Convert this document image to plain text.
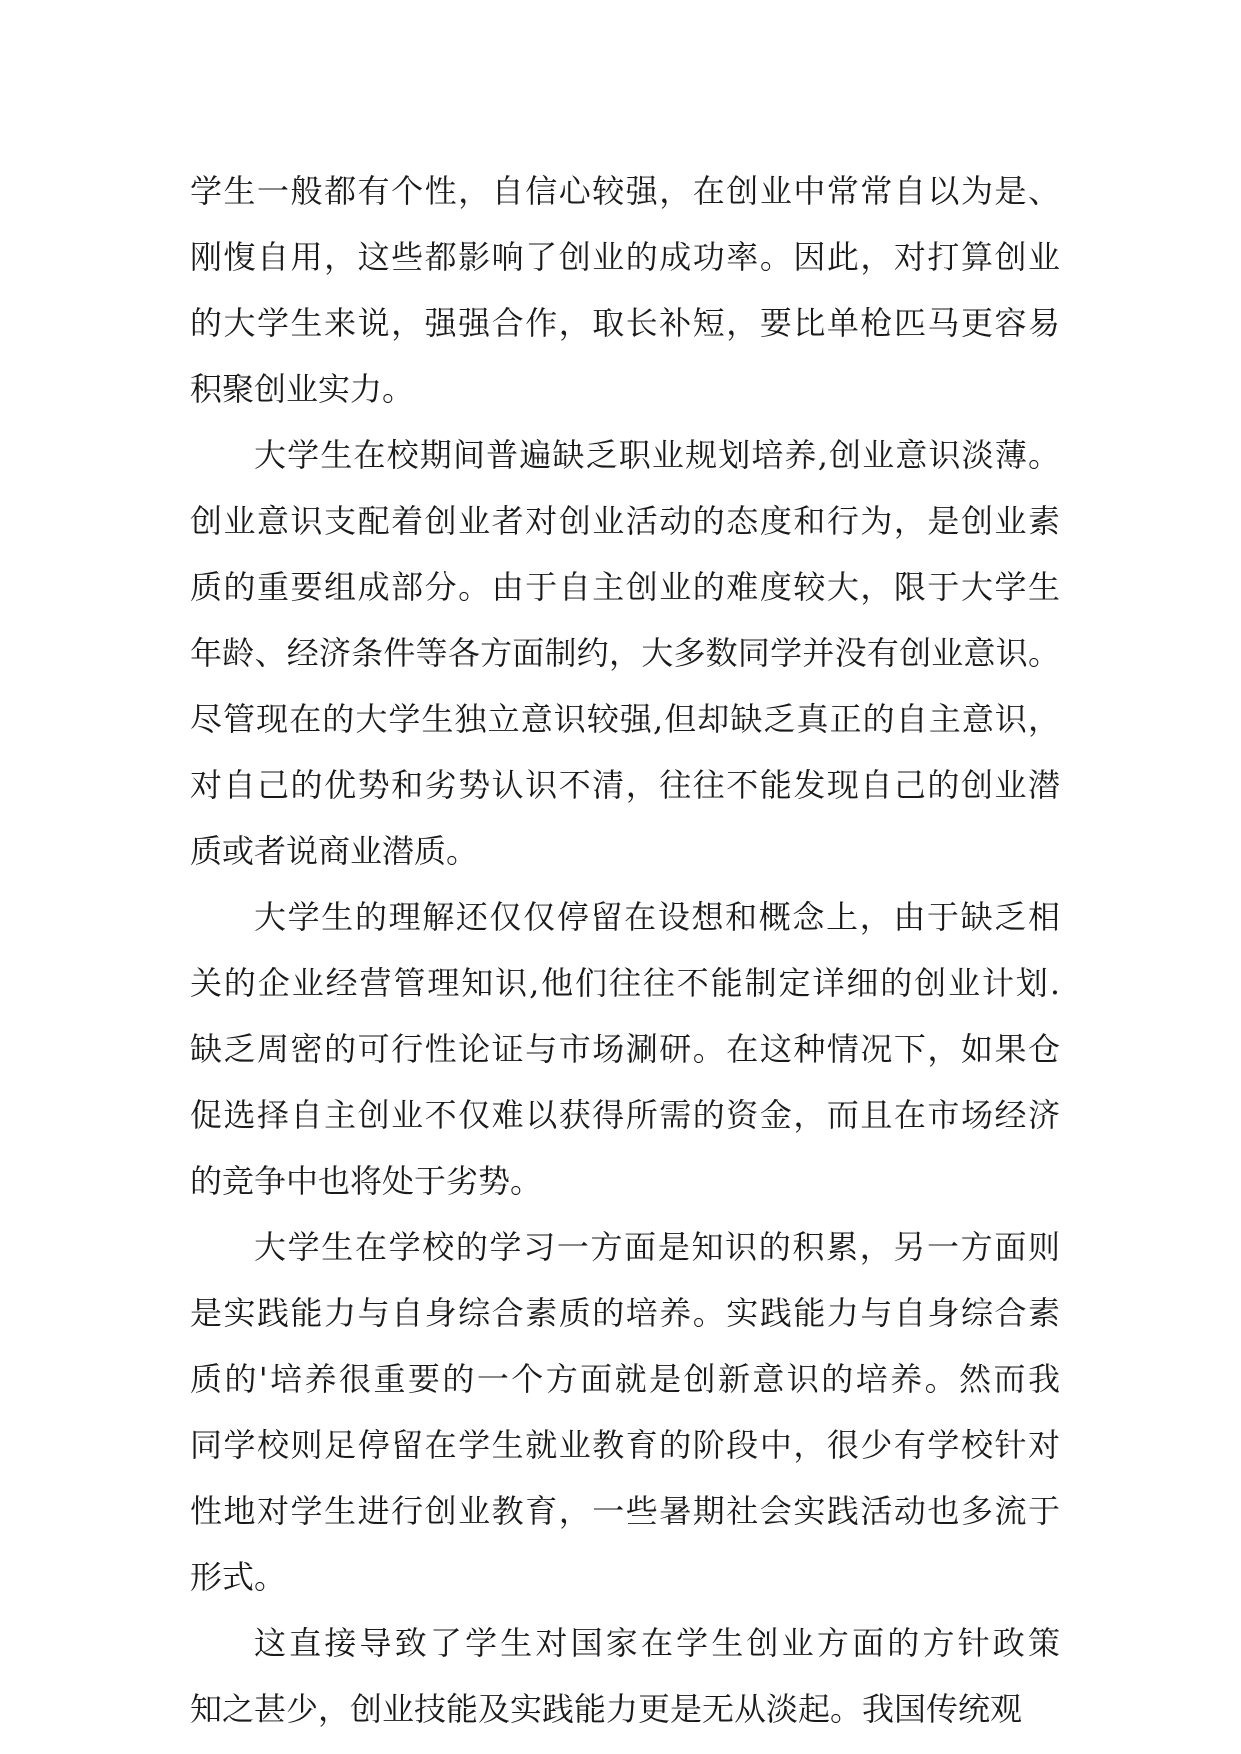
学生一般都有个性，自信心较强，在创业中常常自以为是、
刚愎自用，这些都影响了创业的成功率。因此，对打算创业
的大学生来说，强强合作，取长补短，要比单枪匹马更容易
积聚创业实力。
大学生在校期间普遍缺乏职业规划培养,创业意识淡薄。
创业意识支配着创业者对创业活动的态度和行为，是创业素
质的重要组成部分。由于自主创业的难度较大，限于大学生
年龄、经济条件等各方面制约，大多数同学并没有创业意识。
尽管现在的大学生独立意识较强,但却缺乏真正的自主意识，
对自己的优势和劣势认识不清，往往不能发现自己的创业潜
质或者说商业潜质。
大学生的理解还仅仅停留在设想和概念上，由于缺乏相
关的企业经营管理知识,他们往往不能制定详细的创业计划.
缺乏周密的可行性论证与市场涮研。在这种情况下，如果仓
促选择自主创业不仅难以获得所需的资金，而且在市场经济
的竞争中也将处于劣势。
大学生在学校的学习一方面是知识的积累，另一方面则
是实践能力与自身综合素质的培养。实践能力与自身综合素
质的'培养很重要的一个方面就是创新意识的培养。然而我
同学校则足停留在学生就业教育的阶段中，很少有学校针对
性地对学生进行创业教育，一些暑期社会实践活动也多流于
形式。
这直接导致了学生对国家在学生创业方面的方针政策
知之甚少，创业技能及实践能力更是无从淡起。我国传统观
